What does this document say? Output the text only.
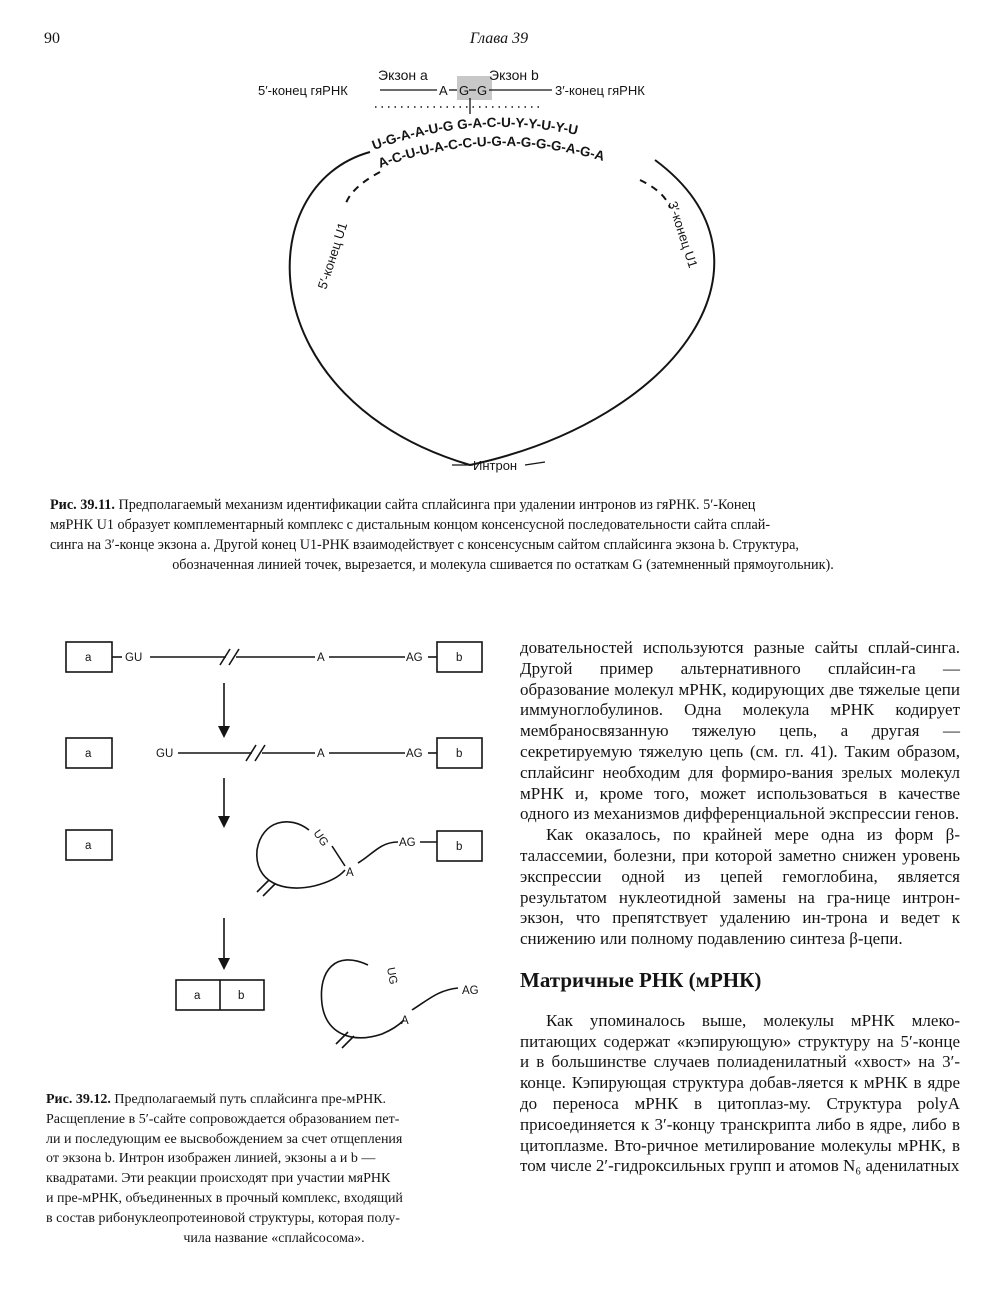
90	Глава 39
Экзон a	Экзон b
5′-конец гяРНК	3′-конец гяРНК
A G G
U-G-A-A-U-G G-A-C-U-Y-Y-U-Y-U
A-C-U-U-A-C-C-U-G-A-G-G-G-A-G-A
5′-конец U1	3′-конец U1
Интрон
Рис. 39.11. Предполагаемый механизм идентификации сайта сплайсинга при удалении интронов из гяРНК. 5′-Конец
мяРНК U1 образует комплементарный комплекс с дистальным концом консенсусной последовательности сайта сплай-
синга на 3′-конце экзона a. Другой конец U1-РНК взаимодействует с консенсусным сайтом сплайсинга экзона b. Структура,
обозначенная линией точек, вырезается, и молекула сшивается по остаткам G (затемненный прямоугольник).
a	GU	A	AG	b
a	GU	A	AG	b
a	UG
A
AG	b
a	b
UG
A
AG
Рис. 39.12. Предполагаемый путь сплайсинга пре-мРНК.
Расщепление в 5′-сайте сопровождается образованием пет-
ли и последующим ее высвобождением за счет отщепления
от экзона b. Интрон изображен линией, экзоны a и b —
квадратами. Эти реакции происходят при участии мяРНК
и пре-мРНК, объединенных в прочный комплекс, входящий
в состав рибонуклеопротеиновой структуры, которая полу-
чила название «сплайсосома».

довательностей используются разные сайты сплай-синга. Другой пример альтернативного сплайсин-га — образование молекул мРНК, кодирующих две тяжелые цепи иммуноглобулинов. Одна молекула мРНК кодирует мембраносвязанную тяжелую цепь, а другая — секретируемую тяжелую цепь (см. гл. 41). Таким образом, сплайсинг необходим для формиро-вания зрелых молекул мРНК и, кроме того, может использоваться в качестве одного из механизмов дифференциальной экспрессии генов.

Как оказалось, по крайней мере одна из форм β-талассемии, болезни, при которой заметно снижен уровень экспрессии одной из цепей гемоглобина, является результатом нуклеотидной замены на гра-нице интрон-экзон, что препятствует удалению ин-трона и ведет к снижению или полному подавлению синтеза β-цепи.

Матричные РНК (мРНК)

Как упоминалось выше, молекулы мРНК млеко-питающих содержат «кэпирующую» структуру на 5′-конце и в большинстве случаев полиаденилатный «хвост» на 3′-конце. Кэпирующая структура добав-ляется к мРНК в ядре до переноса мРНК в цитоплаз-му. Структура polyA присоединяется к 3′-концу транскрипта либо в ядре, либо в цитоплазме. Вто-ричное метилирование молекулы мРНК, в том числе 2′-гидроксильных групп и атомов N₆ аденилатных
